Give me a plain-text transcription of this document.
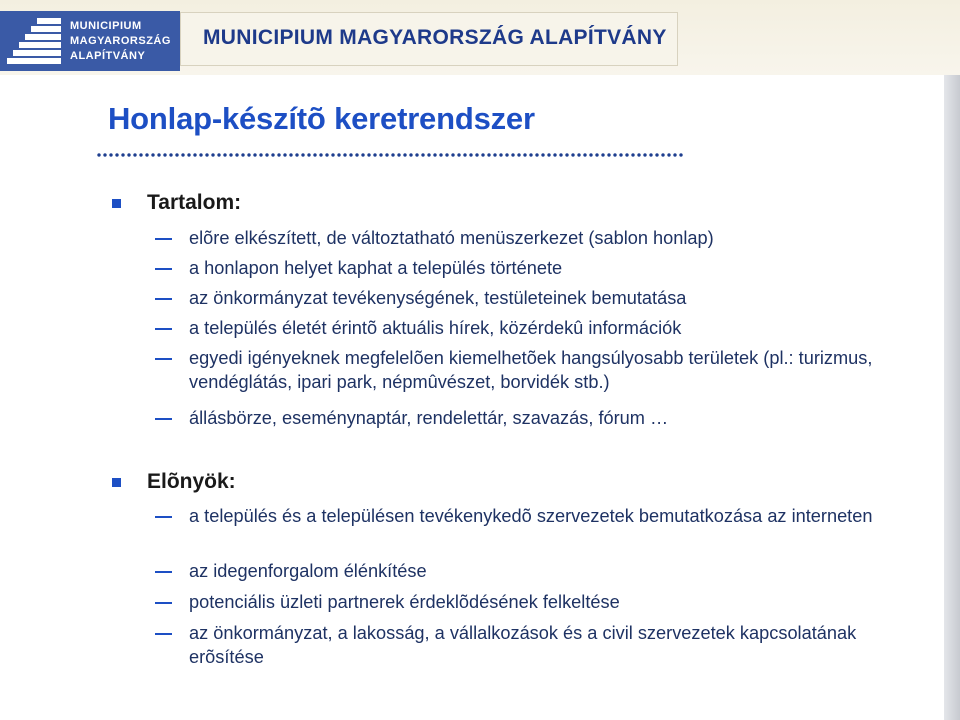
MUNICIPIUM
MAGYARORSZÁG
ALAPÍTVÁNY
MUNICIPIUM MAGYARORSZÁG ALAPÍTVÁNY
Honlap-készítõ keretrendszer
Tartalom:
elõre elkészített, de változtatható menüszerkezet (sablon honlap)
a honlapon helyet kaphat a település története
az önkormányzat tevékenységének, testületeinek bemutatása
a település életét érintõ aktuális hírek, közérdekû információk
egyedi igényeknek megfelelõen kiemelhetõek hangsúlyosabb területek (pl.: turizmus, vendéglátás, ipari park, népmûvészet, borvidék stb.)
állásbörze, eseménynaptár, rendelettár, szavazás, fórum …
Elõnyök:
a település és a településen tevékenykedõ szervezetek bemutatkozása az interneten
az idegenforgalom élénkítése
potenciális üzleti partnerek érdeklõdésének felkeltése
az önkormányzat, a lakosság, a vállalkozások és a civil szervezetek kapcsolatának erõsítése
